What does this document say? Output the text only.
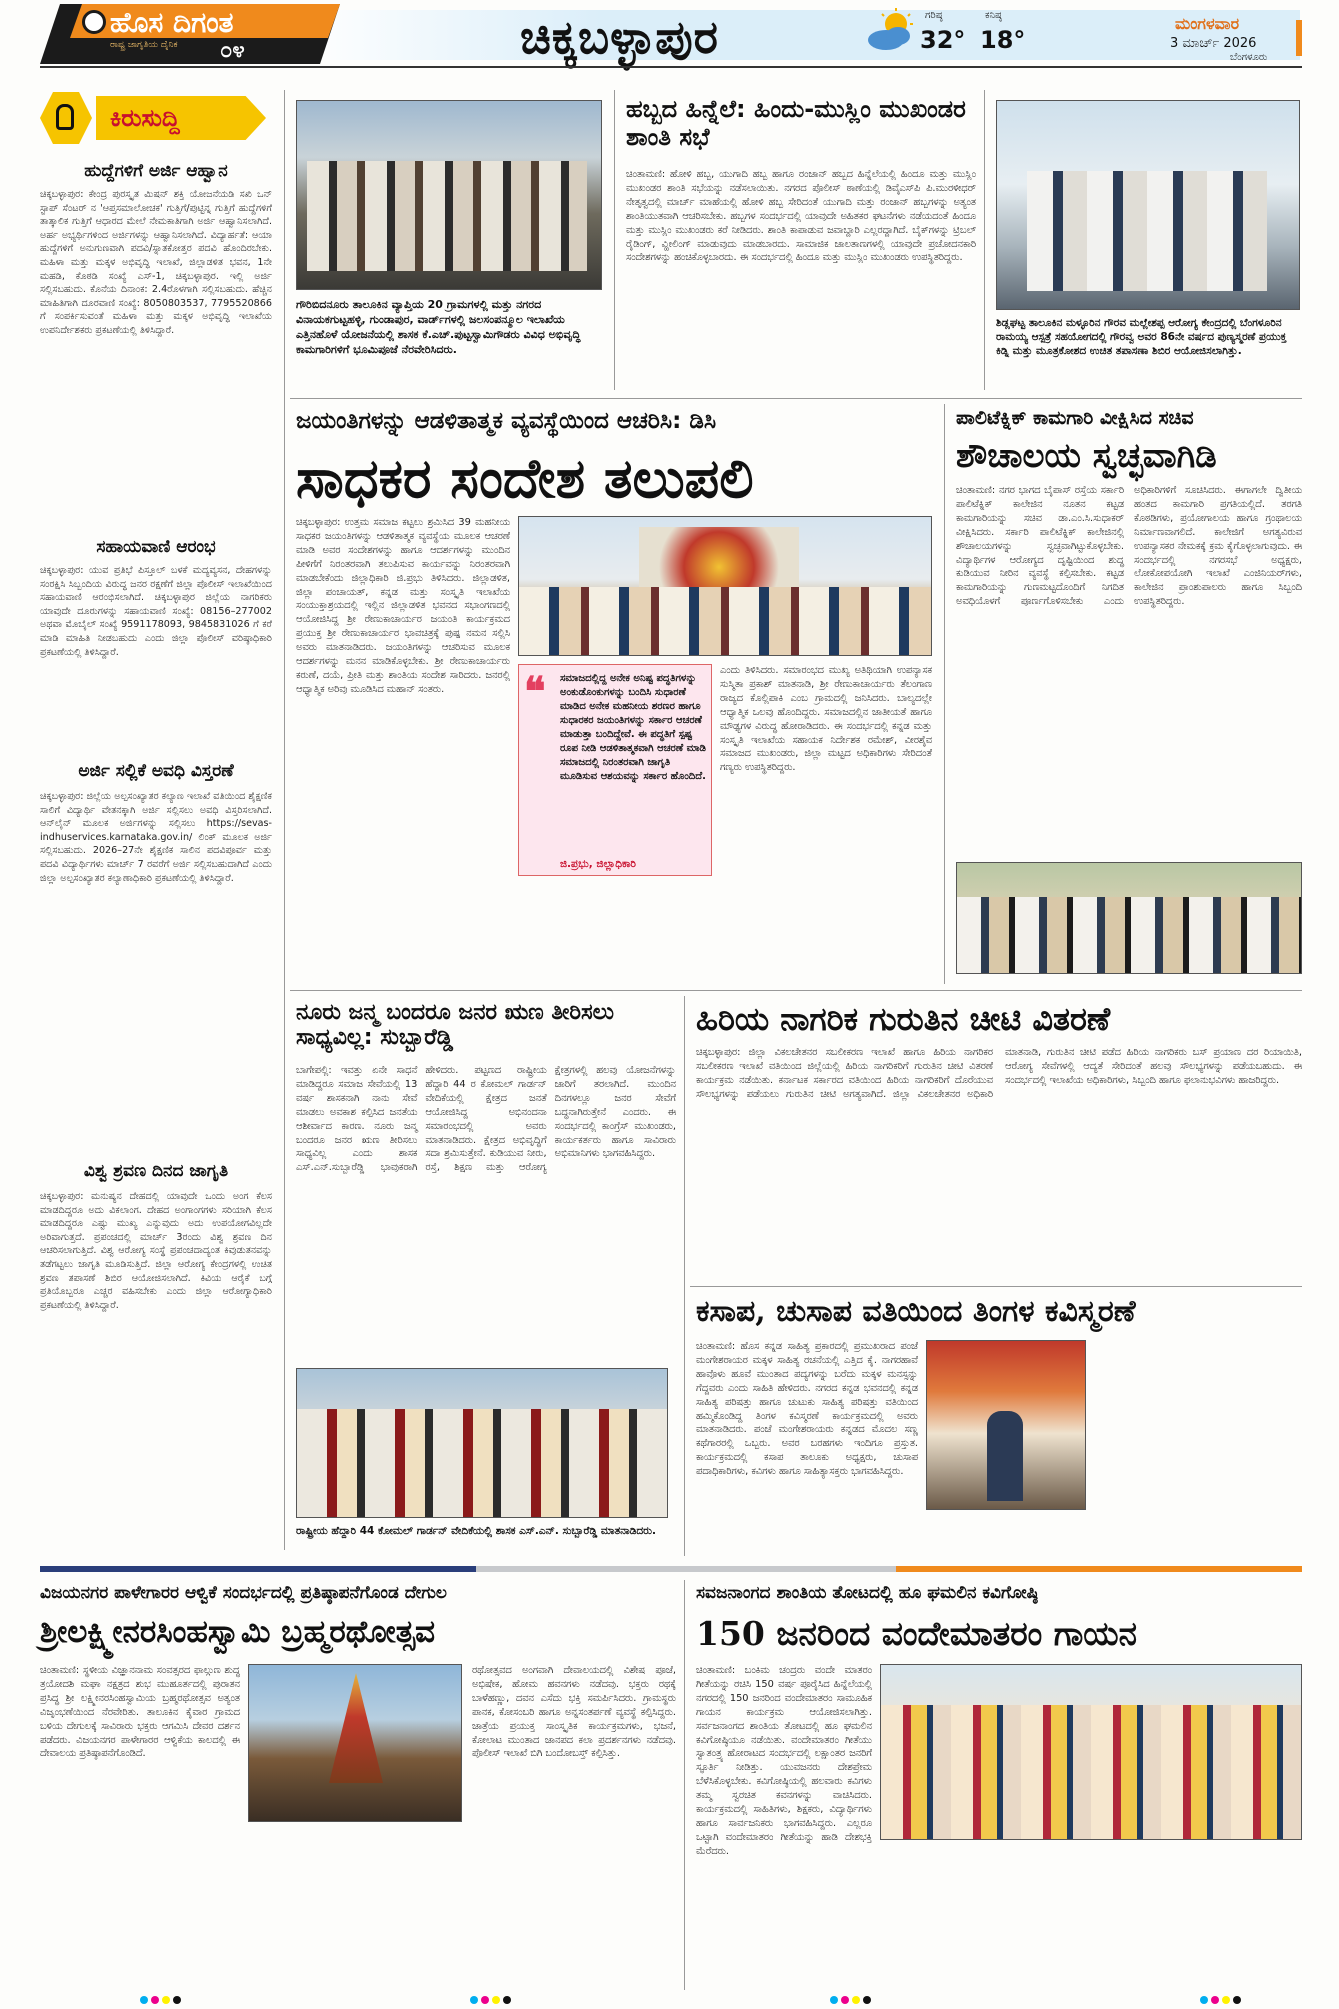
ಹೊಸ ದಿಗಂತ
ರಾಷ್ಟ್ರ ಜಾಗೃತಿಯ ದೈನಿಕ ೦೪	ಚಿಕ್ಕಬಳ್ಳಾಪುರ	ಗರಿಷ್ಠ
32°
ಕನಿಷ್ಠ
18°
ಮಂಗಳವಾರ
3 ಮಾರ್ಚ್ 2026
ಬೆಂಗಳೂರು
ಕಿರುಸುದ್ದಿ
ಹುದ್ದೆಗಳಿಗೆ ಅರ್ಜಿ ಆಹ್ವಾನ
ಚಿಕ್ಕಬಳ್ಳಾಪುರ: ಕೇಂದ್ರ ಪುರಸ್ಕೃತ ಮಿಷನ್ ಶಕ್ತಿ ಯೋಜನೆಯಡಿ ಸಖಿ ಒನ್ ಸ್ಟಾಪ್ ಸೆಂಟರ್ ನ 'ಆಪ್ತಸಮಾಲೋಚಕ' ಗುತ್ತಿಗೆ/ಪುಟ್ಟಿನ್ನ ಗುತ್ತಿಗೆ ಹುದ್ದೆಗಳಿಗೆ ತಾತ್ಕಾಲಿಕ ಗುತ್ತಿಗೆ ಆಧಾರದ ಮೇಲೆ ನೇಮಕಾತಿಗಾಗಿ ಅರ್ಜಿ ಆಹ್ವಾನಿಸಲಾಗಿದೆ. ಅರ್ಹ ಅಭ್ಯರ್ಥಿಗಳಿಂದ ಅರ್ಜಿಗಳನ್ನು ಆಹ್ವಾನಿಸಲಾಗಿದೆ. ವಿದ್ಯಾರ್ಹತೆ: ಆಯಾ ಹುದ್ದೆಗಳಿಗೆ ಅನುಗುಣವಾಗಿ ಪದವಿ/ಸ್ನಾತಕೋತ್ತರ ಪದವಿ ಹೊಂದಿರಬೇಕು. ಮಹಿಳಾ ಮತ್ತು ಮಕ್ಕಳ ಅಭಿವೃದ್ಧಿ ಇಲಾಖೆ, ಜಿಲ್ಲಾಡಳಿತ ಭವನ, 1ನೇ ಮಹಡಿ, ಕೊಠಡಿ ಸಂಖ್ಯೆ ಎಸ್-1, ಚಿಕ್ಕಬಳ್ಳಾಪುರ. ಇಲ್ಲಿ ಅರ್ಜಿ ಸಲ್ಲಿಸಬಹುದು. ಕೊನೆಯ ದಿನಾಂಕ: 2.4ರೊಳಗಾಗಿ ಸಲ್ಲಿಸಬಹುದು. ಹೆಚ್ಚಿನ ಮಾಹಿತಿಗಾಗಿ ದೂರವಾಣಿ ಸಂಖ್ಯೆ: 8050803537, 7795520866 ಗೆ ಸಂಪರ್ಕಿಸುವಂತೆ ಮಹಿಳಾ ಮತ್ತು ಮಕ್ಕಳ ಅಭಿವೃದ್ಧಿ ಇಲಾಖೆಯ ಉಪನಿರ್ದೇಶಕರು ಪ್ರಕಟಣೆಯಲ್ಲಿ ತಿಳಿಸಿದ್ದಾರೆ.
ಸಹಾಯವಾಣಿ ಆರಂಭ
ಚಿಕ್ಕಬಳ್ಳಾಪುರ: ಯುವ ಪ್ರತಿಭೆ ಪಿಸ್ತೂಲ್ ಬಳಕೆ ಮದ್ಯವ್ಯಸನ, ದೇಹಗಳನ್ನು ಸಂರಕ್ಷಿಸಿ ಸಿಬ್ಬಂದಿಯ ವಿರುದ್ಧ ಜನರ ರಕ್ಷಣೆಗೆ ಜಿಲ್ಲಾ ಪೊಲೀಸ್ ಇಲಾಖೆಯಿಂದ ಸಹಾಯವಾಣಿ ಆರಂಭಿಸಲಾಗಿದೆ. ಚಿಕ್ಕಬಳ್ಳಾಪುರ ಜಿಲ್ಲೆಯ ನಾಗರಿಕರು ಯಾವುದೇ ದೂರುಗಳನ್ನು ಸಹಾಯವಾಣಿ ಸಂಖ್ಯೆ: 08156–277002 ಅಥವಾ ಮೊಬೈಲ್ ಸಂಖ್ಯೆ 9591178093, 9845831026 ಗೆ ಕರೆ ಮಾಡಿ ಮಾಹಿತಿ ನೀಡಬಹುದು ಎಂದು ಜಿಲ್ಲಾ ಪೊಲೀಸ್ ವರಿಷ್ಠಾಧಿಕಾರಿ ಪ್ರಕಟಣೆಯಲ್ಲಿ ತಿಳಿಸಿದ್ದಾರೆ.
ಅರ್ಜಿ ಸಲ್ಲಿಕೆ ಅವಧಿ ವಿಸ್ತರಣೆ
ಚಿಕ್ಕಬಳ್ಳಾಪುರ: ಜಿಲ್ಲೆಯ ಅಲ್ಪಸಂಖ್ಯಾತರ ಕಲ್ಯಾಣ ಇಲಾಖೆ ವತಿಯಿಂದ ಶೈಕ್ಷಣಿಕ ಸಾಲಿಗೆ ವಿದ್ಯಾರ್ಥಿ ವೇತನಕ್ಕಾಗಿ ಅರ್ಜಿ ಸಲ್ಲಿಸಲು ಅವಧಿ ವಿಸ್ತರಿಸಲಾಗಿದೆ. ಆನ್‌ಲೈನ್ ಮೂಲಕ ಅರ್ಜಿಗಳನ್ನು ಸಲ್ಲಿಸಲು https://sevas-indhuservices.karnataka.gov.in/ ಲಿಂಕ್ ಮೂಲಕ ಅರ್ಜಿ ಸಲ್ಲಿಸಬಹುದು. 2026–27ನೇ ಶೈಕ್ಷಣಿಕ ಸಾಲಿನ ಪದವಿಪೂರ್ವ ಮತ್ತು ಪದವಿ ವಿದ್ಯಾರ್ಥಿಗಳು ಮಾರ್ಚ್ 7 ರವರೆಗೆ ಅರ್ಜಿ ಸಲ್ಲಿಸಬಹುದಾಗಿದೆ ಎಂದು ಜಿಲ್ಲಾ ಅಲ್ಪಸಂಖ್ಯಾತರ ಕಲ್ಯಾಣಾಧಿಕಾರಿ ಪ್ರಕಟಣೆಯಲ್ಲಿ ತಿಳಿಸಿದ್ದಾರೆ.
ವಿಶ್ವ ಶ್ರವಣ ದಿನದ ಜಾಗೃತಿ
ಚಿಕ್ಕಬಳ್ಳಾಪುರ: ಮನುಷ್ಯನ ದೇಹದಲ್ಲಿ ಯಾವುದೇ ಒಂದು ಅಂಗ ಕೆಲಸ ಮಾಡದಿದ್ದರೂ ಅದು ವಿಕಲಾಂಗ. ದೇಹದ ಅಂಗಾಂಗಗಳು ಸರಿಯಾಗಿ ಕೆಲಸ ಮಾಡದಿದ್ದರೂ ಎಷ್ಟು ಮುಖ್ಯ ಎನ್ನುವುದು ಅದು ಉಪಯೋಗವಿಲ್ಲದೇ ಅರಿವಾಗುತ್ತದೆ. ಪ್ರಪಂಚದಲ್ಲಿ ಮಾರ್ಚ್ 3ರಂದು ವಿಶ್ವ ಶ್ರವಣ ದಿನ ಆಚರಿಸಲಾಗುತ್ತಿದೆ. ವಿಶ್ವ ಆರೋಗ್ಯ ಸಂಸ್ಥೆ ಪ್ರಪಂಚದಾದ್ಯಂತ ಕಿವುಡುತನವನ್ನು ತಡೆಗಟ್ಟಲು ಜಾಗೃತಿ ಮೂಡಿಸುತ್ತಿದೆ. ಜಿಲ್ಲಾ ಆರೋಗ್ಯ ಕೇಂದ್ರಗಳಲ್ಲಿ ಉಚಿತ ಶ್ರವಣ ತಪಾಸಣೆ ಶಿಬಿರ ಆಯೋಜಿಸಲಾಗಿದೆ. ಕಿವಿಯ ಆರೈಕೆ ಬಗ್ಗೆ ಪ್ರತಿಯೊಬ್ಬರೂ ಎಚ್ಚರ ವಹಿಸಬೇಕು ಎಂದು ಜಿಲ್ಲಾ ಆರೋಗ್ಯಾಧಿಕಾರಿ ಪ್ರಕಟಣೆಯಲ್ಲಿ ತಿಳಿಸಿದ್ದಾರೆ.
ಗೌರಿಬಿದನೂರು ತಾಲೂಕಿನ ವ್ಯಾಪ್ತಿಯ 20 ಗ್ರಾಮಗಳಲ್ಲಿ ಮತ್ತು ನಗರದ ವಿನಾಯಕಗುಟ್ಟಹಳ್ಳಿ, ಗುಂಡಾಪುರ, ವಾರ್ಡ್‌ಗಳಲ್ಲಿ ಜಲಸಂಪನ್ಮೂಲ ಇಲಾಖೆಯ ಎತ್ತಿನಹೊಳೆ ಯೋಜನೆಯಲ್ಲಿ ಶಾಸಕ ಕೆ.ಎಚ್.ಪುಟ್ಟಸ್ವಾಮಿಗೌಡರು ವಿವಿಧ ಅಭಿವೃದ್ಧಿ ಕಾಮಗಾರಿಗಳಿಗೆ ಭೂಮಿಪೂಜೆ ನೆರವೇರಿಸಿದರು.
ಹಬ್ಬದ ಹಿನ್ನೆಲೆ: ಹಿಂದು-ಮುಸ್ಲಿಂ ಮುಖಂಡರ ಶಾಂತಿ ಸಭೆ
ಚಿಂತಾಮಣಿ: ಹೋಳಿ ಹಬ್ಬ, ಯುಗಾದಿ ಹಬ್ಬ ಹಾಗೂ ರಂಜಾನ್ ಹಬ್ಬದ ಹಿನ್ನೆಲೆಯಲ್ಲಿ ಹಿಂದೂ ಮತ್ತು ಮುಸ್ಲಿಂ ಮುಖಂಡರ ಶಾಂತಿ ಸಭೆಯನ್ನು ನಡೆಸಲಾಯಿತು. ನಗರದ ಪೊಲೀಸ್ ಠಾಣೆಯಲ್ಲಿ ಡಿವೈಎಸ್‌ಪಿ ಪಿ.ಮುರಳೀಧರ್ ನೇತೃತ್ವದಲ್ಲಿ ಮಾರ್ಚ್ ಮಾಹೆಯಲ್ಲಿ ಹೋಳಿ ಹಬ್ಬ ಸೇರಿದಂತೆ ಯುಗಾದಿ ಮತ್ತು ರಂಜಾನ್ ಹಬ್ಬಗಳನ್ನು ಅತ್ಯಂತ ಶಾಂತಿಯುತವಾಗಿ ಆಚರಿಸಬೇಕು. ಹಬ್ಬಗಳ ಸಂದರ್ಭದಲ್ಲಿ ಯಾವುದೇ ಅಹಿತಕರ ಘಟನೆಗಳು ನಡೆಯದಂತೆ ಹಿಂದೂ ಮತ್ತು ಮುಸ್ಲಿಂ ಮುಖಂಡರು ಕರೆ ನೀಡಿದರು. ಶಾಂತಿ ಕಾಪಾಡುವ ಜವಾಬ್ದಾರಿ ಎಲ್ಲರದ್ದಾಗಿದೆ. ಬೈಕ್‌ಗಳನ್ನು ಟ್ರಿಬಲ್ ರೈಡಿಂಗ್, ವ್ಹೀಲಿಂಗ್ ಮಾಡುವುದು ಮಾಡಬಾರದು. ಸಾಮಾಜಿಕ ಜಾಲತಾಣಗಳಲ್ಲಿ ಯಾವುದೇ ಪ್ರಚೋದನಕಾರಿ ಸಂದೇಶಗಳನ್ನು ಹಂಚಿಕೊಳ್ಳಬಾರದು. ಈ ಸಂದರ್ಭದಲ್ಲಿ ಹಿಂದೂ ಮತ್ತು ಮುಸ್ಲಿಂ ಮುಖಂಡರು ಉಪಸ್ಥಿತರಿದ್ದರು.
ಶಿಡ್ಲಘಟ್ಟ ತಾಲೂಕಿನ ಮಳ್ಳೂರಿನ ಗೌರವ ಮಲ್ಲೇಶಪ್ಪ ಆರೋಗ್ಯ ಕೇಂದ್ರದಲ್ಲಿ ಬೆಂಗಳೂರಿನ ರಾಮಯ್ಯ ಆಸ್ಪತ್ರೆ ಸಹಯೋಗದಲ್ಲಿ ಗೌರವ್ವ ಅವರ 86ನೇ ವರ್ಷದ ಪುಣ್ಯಸ್ಮರಣೆ ಪ್ರಯುಕ್ತ ಕಿಡ್ನಿ ಮತ್ತು ಮೂತ್ರಕೋಶದ ಉಚಿತ ತಪಾಸಣಾ ಶಿಬಿರ ಆಯೋಜಿಸಲಾಗಿತ್ತು.
ಜಯಂತಿಗಳನ್ನು ಆಡಳಿತಾತ್ಮಕ ವ್ಯವಸ್ಥೆಯಿಂದ ಆಚರಿಸಿ: ಡಿಸಿ
ಸಾಧಕರ ಸಂದೇಶ ತಲುಪಲಿ
ಚಿಕ್ಕಬಳ್ಳಾಪುರ: ಉತ್ತಮ ಸಮಾಜ ಕಟ್ಟಲು ಶ್ರಮಿಸಿದ 39 ಮಹನೀಯ ಸಾಧಕರ ಜಯಂತಿಗಳನ್ನು ಆಡಳಿತಾತ್ಮಕ ವ್ಯವಸ್ಥೆಯ ಮೂಲಕ ಆಚರಣೆ ಮಾಡಿ ಅವರ ಸಂದೇಶಗಳನ್ನು ಹಾಗೂ ಆದರ್ಶಗಳನ್ನು ಮುಂದಿನ ಪೀಳಿಗೆಗೆ ನಿರಂತರವಾಗಿ ತಲುಪಿಸುವ ಕಾರ್ಯವನ್ನು ನಿರಂತರವಾಗಿ ಮಾಡಬೇಕೆಂದು ಜಿಲ್ಲಾಧಿಕಾರಿ ಜಿ.ಪ್ರಭು ತಿಳಿಸಿದರು. ಜಿಲ್ಲಾಡಳಿತ, ಜಿಲ್ಲಾ ಪಂಚಾಯತ್, ಕನ್ನಡ ಮತ್ತು ಸಂಸ್ಕೃತಿ ಇಲಾಖೆಯ ಸಂಯುಕ್ತಾಶ್ರಯದಲ್ಲಿ ಇಲ್ಲಿನ ಜಿಲ್ಲಾಡಳಿತ ಭವನದ ಸಭಾಂಗಣದಲ್ಲಿ ಆಯೋಜಿಸಿದ್ದ ಶ್ರೀ ರೇಣುಕಾಚಾರ್ಯರ ಜಯಂತಿ ಕಾರ್ಯಕ್ರಮದ ಪ್ರಯುಕ್ತ ಶ್ರೀ ರೇಣುಕಾಚಾರ್ಯರ ಭಾವಚಿತ್ರಕ್ಕೆ ಪುಷ್ಪ ನಮನ ಸಲ್ಲಿಸಿ ಅವರು ಮಾತನಾಡಿದರು. ಜಯಂತಿಗಳನ್ನು ಆಚರಿಸುವ ಮೂಲಕ ಆದರ್ಶಗಳನ್ನು ಮನನ ಮಾಡಿಕೊಳ್ಳಬೇಕು. ಶ್ರೀ ರೇಣುಕಾಚಾರ್ಯರು ಕರುಣೆ, ದಯೆ, ಪ್ರೀತಿ ಮತ್ತು ಶಾಂತಿಯ ಸಂದೇಶ ಸಾರಿದರು. ಜನರಲ್ಲಿ ಆಧ್ಯಾತ್ಮಿಕ ಅರಿವು ಮೂಡಿಸಿದ ಮಹಾನ್ ಸಂತರು.	❝ ಸಮಾಜದಲ್ಲಿದ್ದ ಅನೇಕ ಅನಿಷ್ಟ ಪದ್ಧತಿಗಳನ್ನು ಅಂಕುಡೊಂಕುಗಳನ್ನು ಬಂದಿಸಿ ಸುಧಾರಣೆ ಮಾಡಿದ ಅನೇಕ ಮಹನೀಯ ಶರಣರ ಹಾಗೂ ಸುಧಾರಕರ ಜಯಂತಿಗಳನ್ನು ಸರ್ಕಾರ ಆಚರಣೆ ಮಾಡುತ್ತಾ ಬಂದಿದ್ದೇವೆ. ಈ ಪದ್ಧತಿಗೆ ಸ್ಪಷ್ಟ ರೂಪ ನೀಡಿ ಆಡಳಿತಾತ್ಮಕವಾಗಿ ಆಚರಣೆ ಮಾಡಿ ಸಮಾಜದಲ್ಲಿ ನಿರಂತರವಾಗಿ ಜಾಗೃತಿ ಮೂಡಿಸುವ ಆಶಯವನ್ನು ಸರ್ಕಾರ ಹೊಂದಿದೆ.
ಜಿ.ಪ್ರಭು, ಜಿಲ್ಲಾಧಿಕಾರಿ
ಎಂದು ತಿಳಿಸಿದರು. ಸಮಾರಂಭದ ಮುಖ್ಯ ಅತಿಥಿಯಾಗಿ ಉಪನ್ಯಾಸಕ ಸುಸ್ಮಿತಾ ಪ್ರಕಾಶ್ ಮಾತನಾಡಿ, ಶ್ರೀ ರೇಣುಕಾಚಾರ್ಯರು ತೆಲಂಗಾಣ ರಾಜ್ಯದ ಕೊಲ್ಲಿಪಾಕಿ ಎಂಬ ಗ್ರಾಮದಲ್ಲಿ ಜನಿಸಿದರು. ಬಾಲ್ಯದಲ್ಲೇ ಆಧ್ಯಾತ್ಮಿಕ ಒಲವು ಹೊಂದಿದ್ದರು. ಸಮಾಜದಲ್ಲಿನ ಜಾತೀಯತೆ ಹಾಗೂ ಮೌಢ್ಯಗಳ ವಿರುದ್ಧ ಹೋರಾಡಿದರು. ಈ ಸಂದರ್ಭದಲ್ಲಿ ಕನ್ನಡ ಮತ್ತು ಸಂಸ್ಕೃತಿ ಇಲಾಖೆಯ ಸಹಾಯಕ ನಿರ್ದೇಶಕ ರಮೇಶ್, ವೀರಶೈವ ಸಮಾಜದ ಮುಖಂಡರು, ಜಿಲ್ಲಾ ಮಟ್ಟದ ಅಧಿಕಾರಿಗಳು ಸೇರಿದಂತೆ ಗಣ್ಯರು ಉಪಸ್ಥಿತರಿದ್ದರು.
ಪಾಲಿಟೆಕ್ನಿಕ್ ಕಾಮಗಾರಿ ವೀಕ್ಷಿಸಿದ ಸಚಿವ
ಶೌಚಾಲಯ ಸ್ವಚ್ಛವಾಗಿಡಿ
ಚಿಂತಾಮಣಿ: ನಗರ ಭಾಗದ ಬೈಪಾಸ್ ರಸ್ತೆಯ ಸರ್ಕಾರಿ ಪಾಲಿಟೆಕ್ನಿಕ್ ಕಾಲೇಜಿನ ನೂತನ ಕಟ್ಟಡ ಕಾಮಗಾರಿಯನ್ನು ಸಚಿವ ಡಾ.ಎಂ.ಸಿ.ಸುಧಾಕರ್ ವೀಕ್ಷಿಸಿದರು. ಸರ್ಕಾರಿ ಪಾಲಿಟೆಕ್ನಿಕ್ ಕಾಲೇಜಿನಲ್ಲಿ ಶೌಚಾಲಯಗಳನ್ನು ಸ್ವಚ್ಛವಾಗಿಟ್ಟುಕೊಳ್ಳಬೇಕು. ವಿದ್ಯಾರ್ಥಿಗಳ ಆರೋಗ್ಯದ ದೃಷ್ಟಿಯಿಂದ ಶುದ್ಧ ಕುಡಿಯುವ ನೀರಿನ ವ್ಯವಸ್ಥೆ ಕಲ್ಪಿಸಬೇಕು. ಕಟ್ಟಡ ಕಾಮಗಾರಿಯನ್ನು ಗುಣಮಟ್ಟದೊಂದಿಗೆ ನಿಗದಿತ ಅವಧಿಯೊಳಗೆ ಪೂರ್ಣಗೊಳಿಸಬೇಕು ಎಂದು ಅಧಿಕಾರಿಗಳಿಗೆ ಸೂಚಿಸಿದರು. ಈಗಾಗಲೇ ದ್ವಿತೀಯ ಹಂತದ ಕಾಮಗಾರಿ ಪ್ರಗತಿಯಲ್ಲಿದೆ. ತರಗತಿ ಕೊಠಡಿಗಳು, ಪ್ರಯೋಗಾಲಯ ಹಾಗೂ ಗ್ರಂಥಾಲಯ ನಿರ್ಮಾಣವಾಗಲಿದೆ. ಕಾಲೇಜಿಗೆ ಅಗತ್ಯವಿರುವ ಉಪನ್ಯಾಸಕರ ನೇಮಕಕ್ಕೆ ಕ್ರಮ ಕೈಗೊಳ್ಳಲಾಗುವುದು. ಈ ಸಂದರ್ಭದಲ್ಲಿ ನಗರಸಭೆ ಅಧ್ಯಕ್ಷರು, ಲೋಕೋಪಯೋಗಿ ಇಲಾಖೆ ಎಂಜಿನಿಯರ್‌ಗಳು, ಕಾಲೇಜಿನ ಪ್ರಾಂಶುಪಾಲರು ಹಾಗೂ ಸಿಬ್ಬಂದಿ ಉಪಸ್ಥಿತರಿದ್ದರು.
ನೂರು ಜನ್ಮ ಬಂದರೂ ಜನರ ಋಣ ತೀರಿಸಲು ಸಾಧ್ಯವಿಲ್ಲ: ಸುಬ್ಬಾರೆಡ್ಡಿ
ಬಾಗೇಪಲ್ಲಿ: ಇವತ್ತು ಏನೇ ಸಾಧನೆ ಮಾಡಿದ್ದರೂ ಸಮಾಜ ಸೇವೆಯಲ್ಲಿ 13 ವರ್ಷ ಶಾಸಕನಾಗಿ ನಾನು ಸೇವೆ ಮಾಡಲು ಅವಕಾಶ ಕಲ್ಪಿಸಿದ ಜನತೆಯ ಆಶೀರ್ವಾದ ಕಾರಣ. ನೂರು ಜನ್ಮ ಬಂದರೂ ಜನರ ಋಣ ತೀರಿಸಲು ಸಾಧ್ಯವಿಲ್ಲ ಎಂದು ಶಾಸಕ ಎಸ್.ಎನ್.ಸುಬ್ಬಾರೆಡ್ಡಿ ಭಾವುಕರಾಗಿ ಹೇಳಿದರು. ಪಟ್ಟಣದ ರಾಷ್ಟ್ರೀಯ ಹೆದ್ದಾರಿ 44 ರ ಕೋಮಲ್ ಗಾರ್ಡನ್ ವೇದಿಕೆಯಲ್ಲಿ ಕ್ಷೇತ್ರದ ಜನತೆ ಆಯೋಜಿಸಿದ್ದ ಅಭಿನಂದನಾ ಸಮಾರಂಭದಲ್ಲಿ ಅವರು ಮಾತನಾಡಿದರು. ಕ್ಷೇತ್ರದ ಅಭಿವೃದ್ಧಿಗೆ ಸದಾ ಶ್ರಮಿಸುತ್ತೇನೆ. ಕುಡಿಯುವ ನೀರು, ರಸ್ತೆ, ಶಿಕ್ಷಣ ಮತ್ತು ಆರೋಗ್ಯ ಕ್ಷೇತ್ರಗಳಲ್ಲಿ ಹಲವು ಯೋಜನೆಗಳನ್ನು ಜಾರಿಗೆ ತರಲಾಗಿದೆ. ಮುಂದಿನ ದಿನಗಳಲ್ಲೂ ಜನರ ಸೇವೆಗೆ ಬದ್ಧನಾಗಿರುತ್ತೇನೆ ಎಂದರು. ಈ ಸಂದರ್ಭದಲ್ಲಿ ಕಾಂಗ್ರೆಸ್ ಮುಖಂಡರು, ಕಾರ್ಯಕರ್ತರು ಹಾಗೂ ಸಾವಿರಾರು ಅಭಿಮಾನಿಗಳು ಭಾಗವಹಿಸಿದ್ದರು.
ರಾಷ್ಟ್ರೀಯ ಹೆದ್ದಾರಿ 44 ಕೋಮಲ್ ಗಾರ್ಡನ್ ವೇದಿಕೆಯಲ್ಲಿ ಶಾಸಕ ಎಸ್.ಎನ್. ಸುಬ್ಬಾರೆಡ್ಡಿ ಮಾತನಾಡಿದರು.
ಹಿರಿಯ ನಾಗರಿಕ ಗುರುತಿನ ಚೀಟಿ ವಿತರಣೆ
ಚಿಕ್ಕಬಳ್ಳಾಪುರ: ಜಿಲ್ಲಾ ವಿಕಲಚೇತನರ ಸಬಲೀಕರಣ ಇಲಾಖೆ ಹಾಗೂ ಹಿರಿಯ ನಾಗರಿಕರ ಸಬಲೀಕರಣ ಇಲಾಖೆ ವತಿಯಿಂದ ಜಿಲ್ಲೆಯಲ್ಲಿ ಹಿರಿಯ ನಾಗರಿಕರಿಗೆ ಗುರುತಿನ ಚೀಟಿ ವಿತರಣೆ ಕಾರ್ಯಕ್ರಮ ನಡೆಯಿತು. ಕರ್ನಾಟಕ ಸರ್ಕಾರದ ವತಿಯಿಂದ ಹಿರಿಯ ನಾಗರಿಕರಿಗೆ ದೊರೆಯುವ ಸೌಲಭ್ಯಗಳನ್ನು ಪಡೆಯಲು ಗುರುತಿನ ಚೀಟಿ ಅಗತ್ಯವಾಗಿದೆ. ಜಿಲ್ಲಾ ವಿಕಲಚೇತನರ ಅಧಿಕಾರಿ ಮಾತನಾಡಿ, ಗುರುತಿನ ಚೀಟಿ ಪಡೆದ ಹಿರಿಯ ನಾಗರಿಕರು ಬಸ್ ಪ್ರಯಾಣ ದರ ರಿಯಾಯಿತಿ, ಆರೋಗ್ಯ ಸೇವೆಗಳಲ್ಲಿ ಆದ್ಯತೆ ಸೇರಿದಂತೆ ಹಲವು ಸೌಲಭ್ಯಗಳನ್ನು ಪಡೆಯಬಹುದು. ಈ ಸಂದರ್ಭದಲ್ಲಿ ಇಲಾಖೆಯ ಅಧಿಕಾರಿಗಳು, ಸಿಬ್ಬಂದಿ ಹಾಗೂ ಫಲಾನುಭವಿಗಳು ಹಾಜರಿದ್ದರು.
ಕಸಾಪ, ಚುಸಾಪ ವತಿಯಿಂದ ತಿಂಗಳ ಕವಿಸ್ಮರಣೆ
ಚಿಂತಾಮಣಿ: ಹೊಸ ಕನ್ನಡ ಸಾಹಿತ್ಯ ಪ್ರಕಾರದಲ್ಲಿ ಪ್ರಮುಖರಾದ ಪಂಜೆ ಮಂಗೇಶರಾಯರ ಮಕ್ಕಳ ಸಾಹಿತ್ಯ ರಚನೆಯಲ್ಲಿ ಎತ್ತಿದ ಕೈ. ನಾಗರಹಾವೆ ಹಾವೊಳು ಹೂವೆ ಮುಂತಾದ ಪದ್ಯಗಳನ್ನು ಬರೆದು ಮಕ್ಕಳ ಮನಸ್ಸನ್ನು ಗೆದ್ದವರು ಎಂದು ಸಾಹಿತಿ ಹೇಳಿದರು. ನಗರದ ಕನ್ನಡ ಭವನದಲ್ಲಿ ಕನ್ನಡ ಸಾಹಿತ್ಯ ಪರಿಷತ್ತು ಹಾಗೂ ಚುಟುಕು ಸಾಹಿತ್ಯ ಪರಿಷತ್ತು ವತಿಯಿಂದ ಹಮ್ಮಿಕೊಂಡಿದ್ದ ತಿಂಗಳ ಕವಿಸ್ಮರಣೆ ಕಾರ್ಯಕ್ರಮದಲ್ಲಿ ಅವರು ಮಾತನಾಡಿದರು. ಪಂಜೆ ಮಂಗೇಶರಾಯರು ಕನ್ನಡದ ಮೊದಲ ಸಣ್ಣ ಕಥೆಗಾರರಲ್ಲಿ ಒಬ್ಬರು. ಅವರ ಬರಹಗಳು ಇಂದಿಗೂ ಪ್ರಸ್ತುತ. ಕಾರ್ಯಕ್ರಮದಲ್ಲಿ ಕಸಾಪ ತಾಲೂಕು ಅಧ್ಯಕ್ಷರು, ಚುಸಾಪ ಪದಾಧಿಕಾರಿಗಳು, ಕವಿಗಳು ಹಾಗೂ ಸಾಹಿತ್ಯಾಸಕ್ತರು ಭಾಗವಹಿಸಿದ್ದರು.
ವಿಜಯನಗರ ಪಾಳೇಗಾರರ ಆಳ್ವಿಕೆ ಸಂದರ್ಭದಲ್ಲಿ ಪ್ರತಿಷ್ಠಾಪನೆಗೊಂಡ ದೇಗುಲ
ಶ್ರೀಲಕ್ಷ್ಮೀನರಸಿಂಹಸ್ವಾಮಿ ಬ್ರಹ್ಮರಥೋತ್ಸವ
ಚಿಂತಾಮಣಿ: ಸ್ಥಳೀಯ ವಿಜ್ಞಾನನಾಮ ಸಂವತ್ಸರದ ಫಾಲ್ಗುಣ ಶುದ್ಧ ತ್ರಯೋದಶಿ ಮಘಾ ನಕ್ಷತ್ರದ ಶುಭ ಮುಹೂರ್ತದಲ್ಲಿ ಪುರಾತನ ಪ್ರಸಿದ್ಧ ಶ್ರೀ ಲಕ್ಷ್ಮೀನರಸಿಂಹಸ್ವಾಮಿಯ ಬ್ರಹ್ಮರಥೋತ್ಸವ ಅತ್ಯಂತ ವಿಜೃಂಭಣೆಯಿಂದ ನೆರವೇರಿತು. ತಾಲೂಕಿನ ಕೈವಾರ ಗ್ರಾಮದ ಬಳಿಯ ದೇಗುಲಕ್ಕೆ ಸಾವಿರಾರು ಭಕ್ತರು ಆಗಮಿಸಿ ದೇವರ ದರ್ಶನ ಪಡೆದರು. ವಿಜಯನಗರ ಪಾಳೇಗಾರರ ಆಳ್ವಿಕೆಯ ಕಾಲದಲ್ಲಿ ಈ ದೇವಾಲಯ ಪ್ರತಿಷ್ಠಾಪನೆಗೊಂಡಿದೆ.
ರಥೋತ್ಸವದ ಅಂಗವಾಗಿ ದೇವಾಲಯದಲ್ಲಿ ವಿಶೇಷ ಪೂಜೆ, ಅಭಿಷೇಕ, ಹೋಮ ಹವನಗಳು ನಡೆದವು. ಭಕ್ತರು ರಥಕ್ಕೆ ಬಾಳೆಹಣ್ಣು, ದವನ ಎಸೆದು ಭಕ್ತಿ ಸಮರ್ಪಿಸಿದರು. ಗ್ರಾಮಸ್ಥರು ಪಾನಕ, ಕೋಸಂಬರಿ ಹಾಗೂ ಅನ್ನಸಂತರ್ಪಣೆ ವ್ಯವಸ್ಥೆ ಕಲ್ಪಿಸಿದ್ದರು. ಜಾತ್ರೆಯ ಪ್ರಯುಕ್ತ ಸಾಂಸ್ಕೃತಿಕ ಕಾರ್ಯಕ್ರಮಗಳು, ಭಜನೆ, ಕೋಲಾಟ ಮುಂತಾದ ಜಾನಪದ ಕಲಾ ಪ್ರದರ್ಶನಗಳು ನಡೆದವು. ಪೊಲೀಸ್ ಇಲಾಖೆ ಬಿಗಿ ಬಂದೋಬಸ್ತ್ ಕಲ್ಪಿಸಿತ್ತು.
ಸವಜನಾಂಗದ ಶಾಂತಿಯ ತೋಟದಲ್ಲಿ ಹೂ ಘಮಲಿನ ಕವಿಗೋಷ್ಠಿ
150 ಜನರಿಂದ ವಂದೇಮಾತರಂ ಗಾಯನ
ಚಿಂತಾಮಣಿ: ಬಂಕಿಮ ಚಂದ್ರರು ವಂದೇ ಮಾತರಂ ಗೀತೆಯನ್ನು ರಚಿಸಿ 150 ವರ್ಷ ಪೂರೈಸಿದ ಹಿನ್ನೆಲೆಯಲ್ಲಿ ನಗರದಲ್ಲಿ 150 ಜನರಿಂದ ವಂದೇಮಾತರಂ ಸಾಮೂಹಿಕ ಗಾಯನ ಕಾರ್ಯಕ್ರಮ ಆಯೋಜಿಸಲಾಗಿತ್ತು. ಸರ್ವಜನಾಂಗದ ಶಾಂತಿಯ ತೋಟದಲ್ಲಿ ಹೂ ಘಮಲಿನ ಕವಿಗೋಷ್ಠಿಯೂ ನಡೆಯಿತು. ವಂದೇಮಾತರಂ ಗೀತೆಯು ಸ್ವಾತಂತ್ರ್ಯ ಹೋರಾಟದ ಸಂದರ್ಭದಲ್ಲಿ ಲಕ್ಷಾಂತರ ಜನರಿಗೆ ಸ್ಫೂರ್ತಿ ನೀಡಿತ್ತು. ಯುವಜನರು ದೇಶಪ್ರೇಮ ಬೆಳೆಸಿಕೊಳ್ಳಬೇಕು. ಕವಿಗೋಷ್ಠಿಯಲ್ಲಿ ಹಲವಾರು ಕವಿಗಳು ತಮ್ಮ ಸ್ವರಚಿತ ಕವನಗಳನ್ನು ವಾಚಿಸಿದರು. ಕಾರ್ಯಕ್ರಮದಲ್ಲಿ ಸಾಹಿತಿಗಳು, ಶಿಕ್ಷಕರು, ವಿದ್ಯಾರ್ಥಿಗಳು ಹಾಗೂ ಸಾರ್ವಜನಿಕರು ಭಾಗವಹಿಸಿದ್ದರು. ಎಲ್ಲರೂ ಒಟ್ಟಾಗಿ ವಂದೇಮಾತರಂ ಗೀತೆಯನ್ನು ಹಾಡಿ ದೇಶಭಕ್ತಿ ಮೆರೆದರು.
